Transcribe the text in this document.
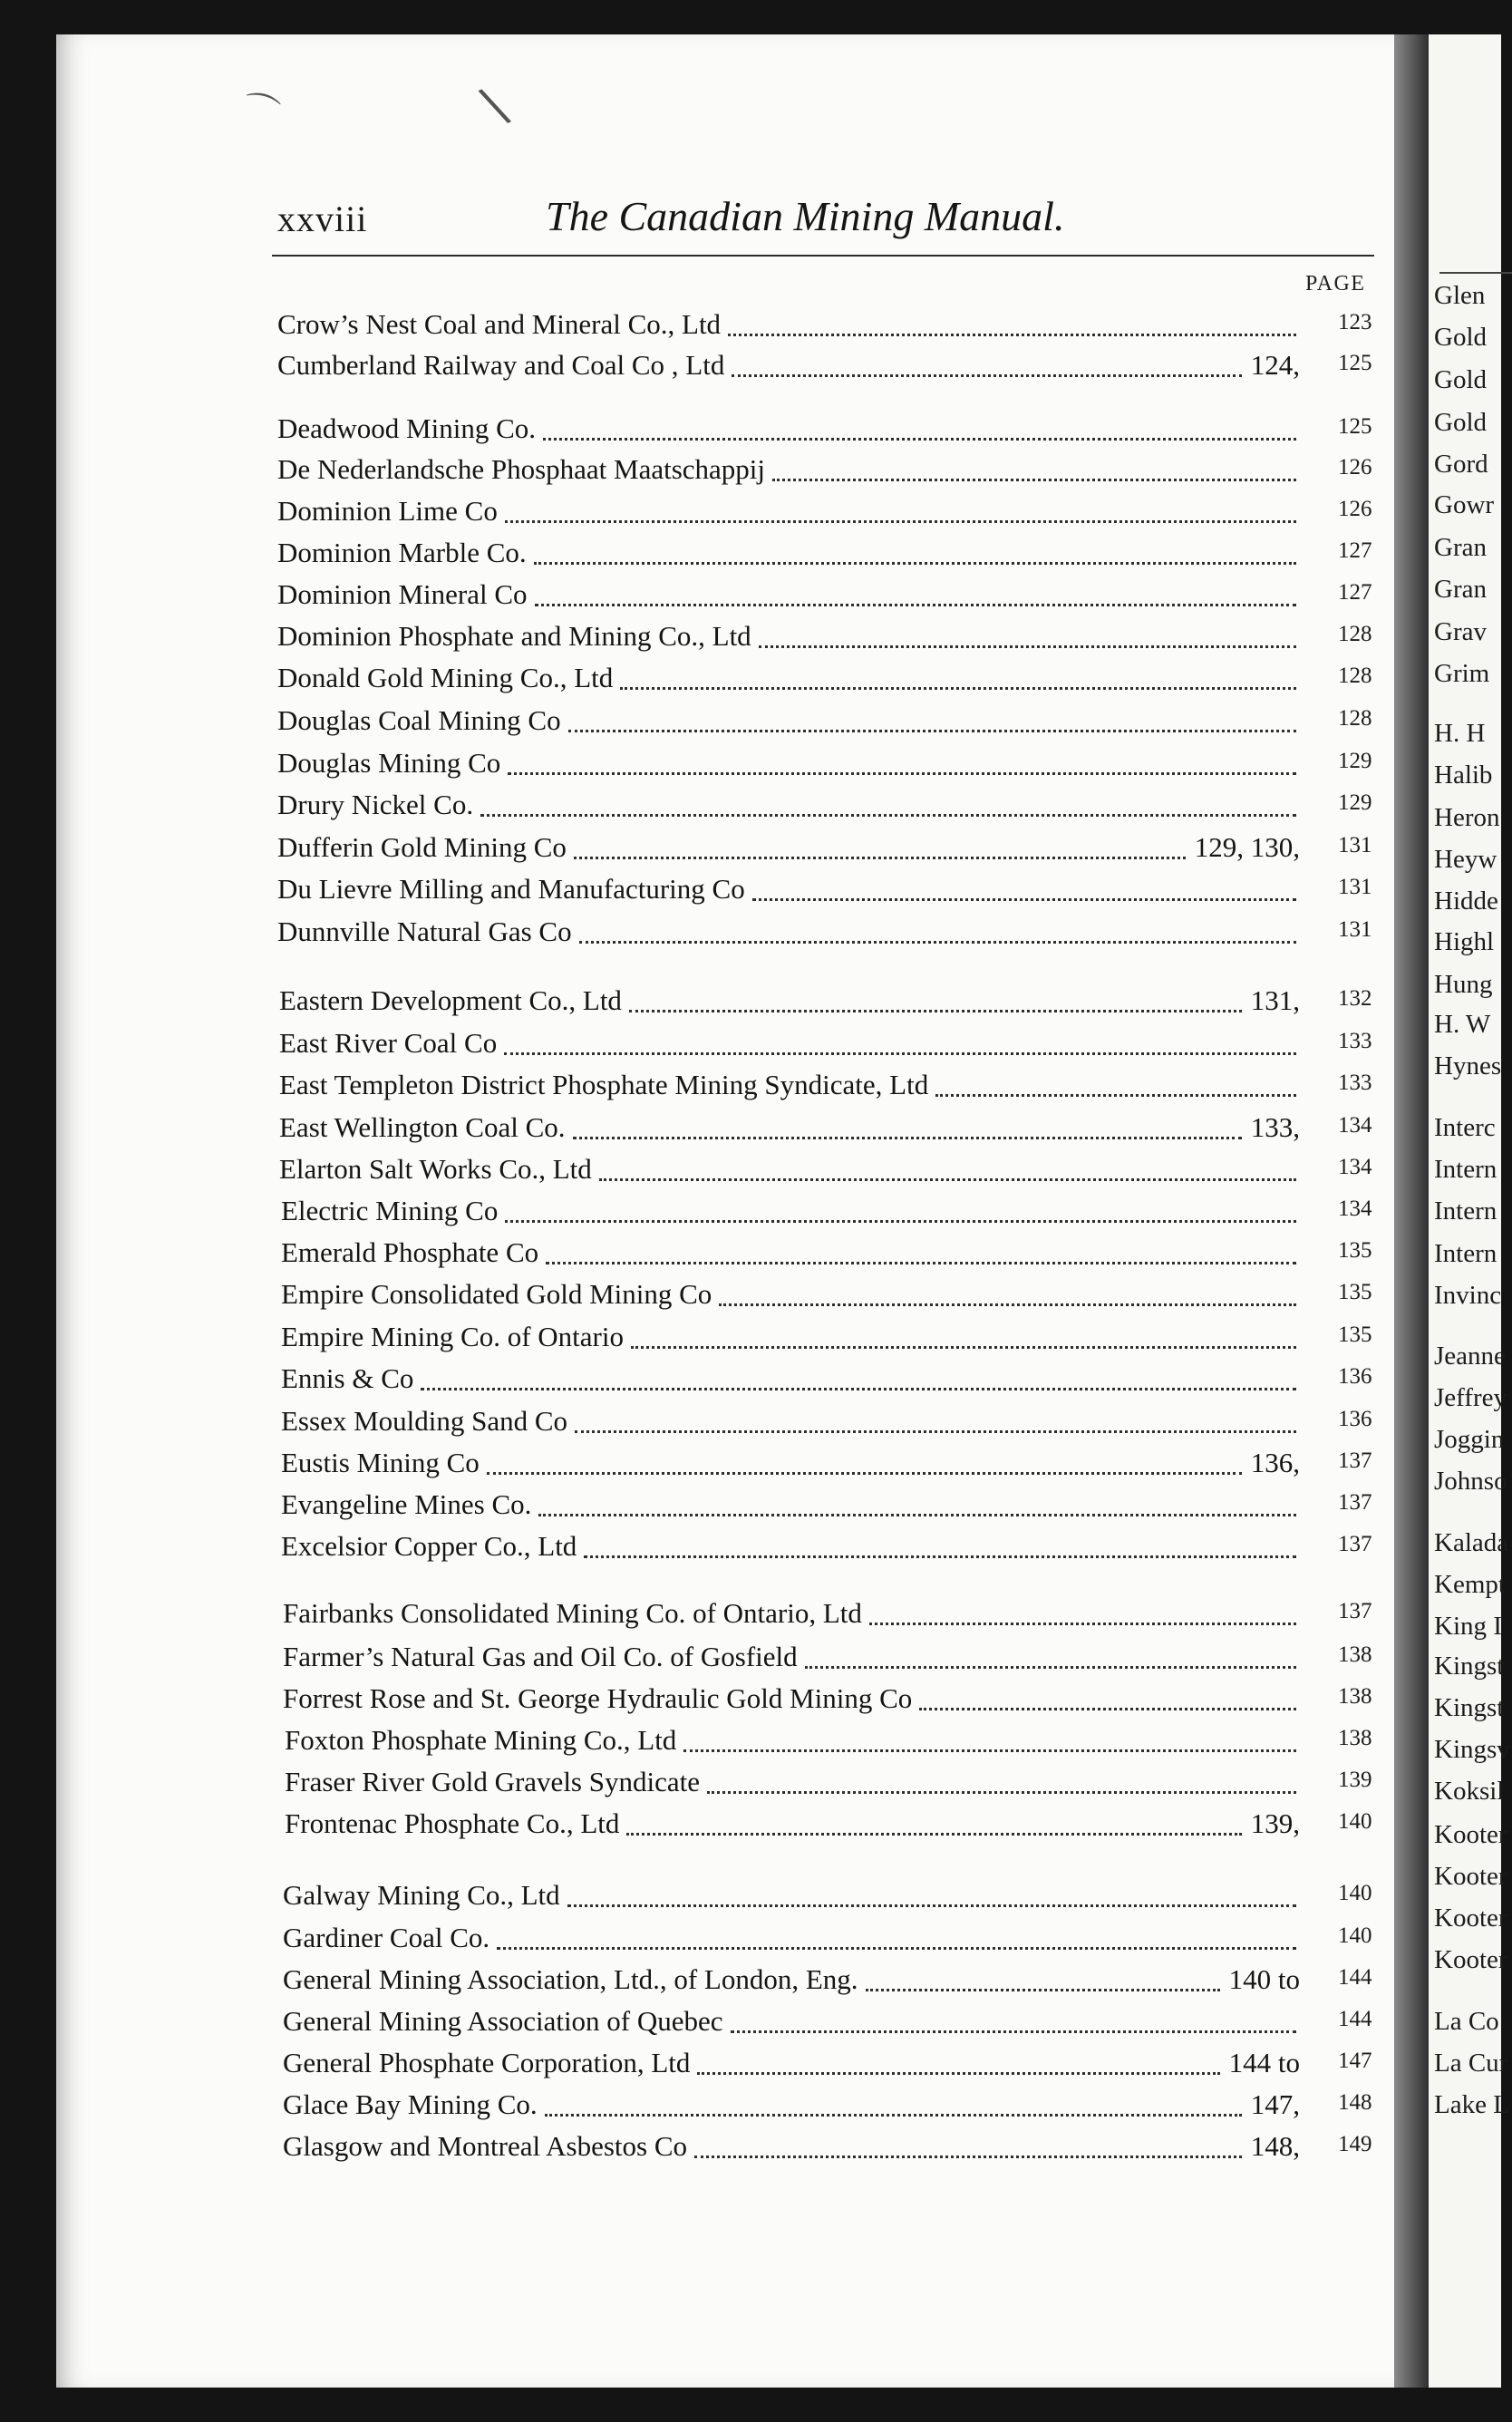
Glen
Gold
Gold
Gold
Gord
Gowr
Gran
Gran
Grav
Grim
H. H
Halib
Heron
Heyw
Hidde
Highl
Hung
H. W
Hynes
Interc
Intern
Intern
Intern
Invinc
Jeanne
Jeffrey
Joggin
Johnso
Kalada
Kempt
King I
Kingst
Kingst
Kingsv
Koksil
Kooter
Kooter
Kooter
Kooter
La Co
La Cur
Lake L
⌒	\
xxviii	The Canadian Mining Manual.
PAGE
Crow’s Nest Coal and Mineral Co., Ltd	123
Cumberland Railway and Coal Co , Ltd	124, 125
Deadwood Mining Co.	125
De Nederlandsche Phosphaat Maatschappij	126
Dominion Lime Co	126
Dominion Marble Co.	127
Dominion Mineral Co	127
Dominion Phosphate and Mining Co., Ltd	128
Donald Gold Mining Co., Ltd	128
Douglas Coal Mining Co	128
Douglas Mining Co	129
Drury Nickel Co.	129
Dufferin Gold Mining Co	129, 130, 131
Du Lievre Milling and Manufacturing Co	131
Dunnville Natural Gas Co	131
Eastern Development Co., Ltd	131, 132
East River Coal Co	133
East Templeton District Phosphate Mining Syndicate, Ltd	133
East Wellington Coal Co.	133, 134
Elarton Salt Works Co., Ltd	134
Electric Mining Co	134
Emerald Phosphate Co	135
Empire Consolidated Gold Mining Co	135
Empire Mining Co. of Ontario	135
Ennis & Co	136
Essex Moulding Sand Co	136
Eustis Mining Co	136, 137
Evangeline Mines Co.	137
Excelsior Copper Co., Ltd	137
Fairbanks Consolidated Mining Co. of Ontario, Ltd	137
Farmer’s Natural Gas and Oil Co. of Gosfield	138
Forrest Rose and St. George Hydraulic Gold Mining Co	138
Foxton Phosphate Mining Co., Ltd	138
Fraser River Gold Gravels Syndicate	139
Frontenac Phosphate Co., Ltd	139, 140
Galway Mining Co., Ltd	140
Gardiner Coal Co.	140
General Mining Association, Ltd., of London, Eng.	140 to 144
General Mining Association of Quebec	144
General Phosphate Corporation, Ltd	144 to 147
Glace Bay Mining Co.	147, 148
Glasgow and Montreal Asbestos Co	148, 149
